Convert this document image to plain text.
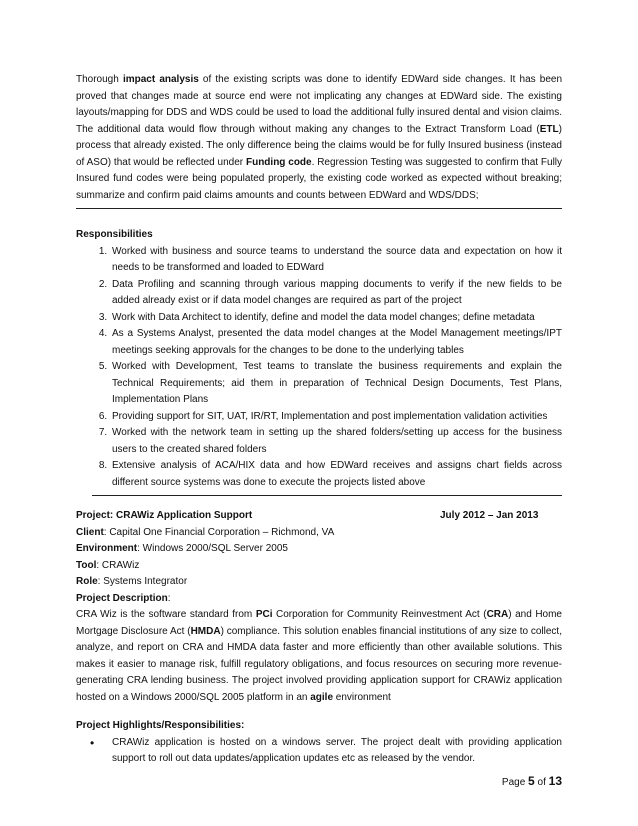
Thorough impact analysis of the existing scripts was done to identify EDWard side changes. It has been proved that changes made at source end were not implicating any changes at EDWard side. The existing layouts/mapping for DDS and WDS could be used to load the additional fully insured dental and vision claims. The additional data would flow through without making any changes to the Extract Transform Load (ETL) process that already existed. The only difference being the claims would be for fully Insured business (instead of ASO) that would be reflected under Funding code. Regression Testing was suggested to confirm that Fully Insured fund codes were being populated properly, the existing code worked as expected without breaking; summarize and confirm paid claims amounts and counts between EDWard and WDS/DDS;

Responsibilities

1. Worked with business and source teams to understand the source data and expectation on how it needs to be transformed and loaded to EDWard
2. Data Profiling and scanning through various mapping documents to verify if the new fields to be added already exist or if data model changes are required as part of the project
3. Work with Data Architect to identify, define and model the data model changes; define metadata
4. As a Systems Analyst, presented the data model changes at the Model Management meetings/IPT meetings seeking approvals for the changes to be done to the underlying tables
5. Worked with Development, Test teams to translate the business requirements and explain the Technical Requirements; aid them in preparation of Technical Design Documents, Test Plans, Implementation Plans
6. Providing support for SIT, UAT, IR/RT, Implementation and post implementation validation activities
7. Worked with the network team in setting up the shared folders/setting up access for the business users to the created shared folders
8. Extensive analysis of ACA/HIX data and how EDWard receives and assigns chart fields across different source systems was done to execute the projects listed above
Project: CRAWiz Application Support	July 2012 – Jan 2013

Client: Capital One Financial Corporation – Richmond, VA

Environment: Windows 2000/SQL Server 2005

Tool: CRAWiz

Role: Systems Integrator

Project Description:

CRA Wiz is the software standard from PCi Corporation for Community Reinvestment Act (CRA) and Home Mortgage Disclosure Act (HMDA) compliance. This solution enables financial institutions of any size to collect, analyze, and report on CRA and HMDA data faster and more efficiently than other available solutions. This makes it easier to manage risk, fulfill regulatory obligations, and focus resources on securing more revenue-generating CRA lending business. The project involved providing application support for CRAWiz application hosted on a Windows 2000/SQL 2005 platform in an agile environment

Project Highlights/Responsibilities:

• CRAWiz application is hosted on a windows server. The project dealt with providing application support to roll out data updates/application updates etc as released by the vendor.
Page 5 of 13
